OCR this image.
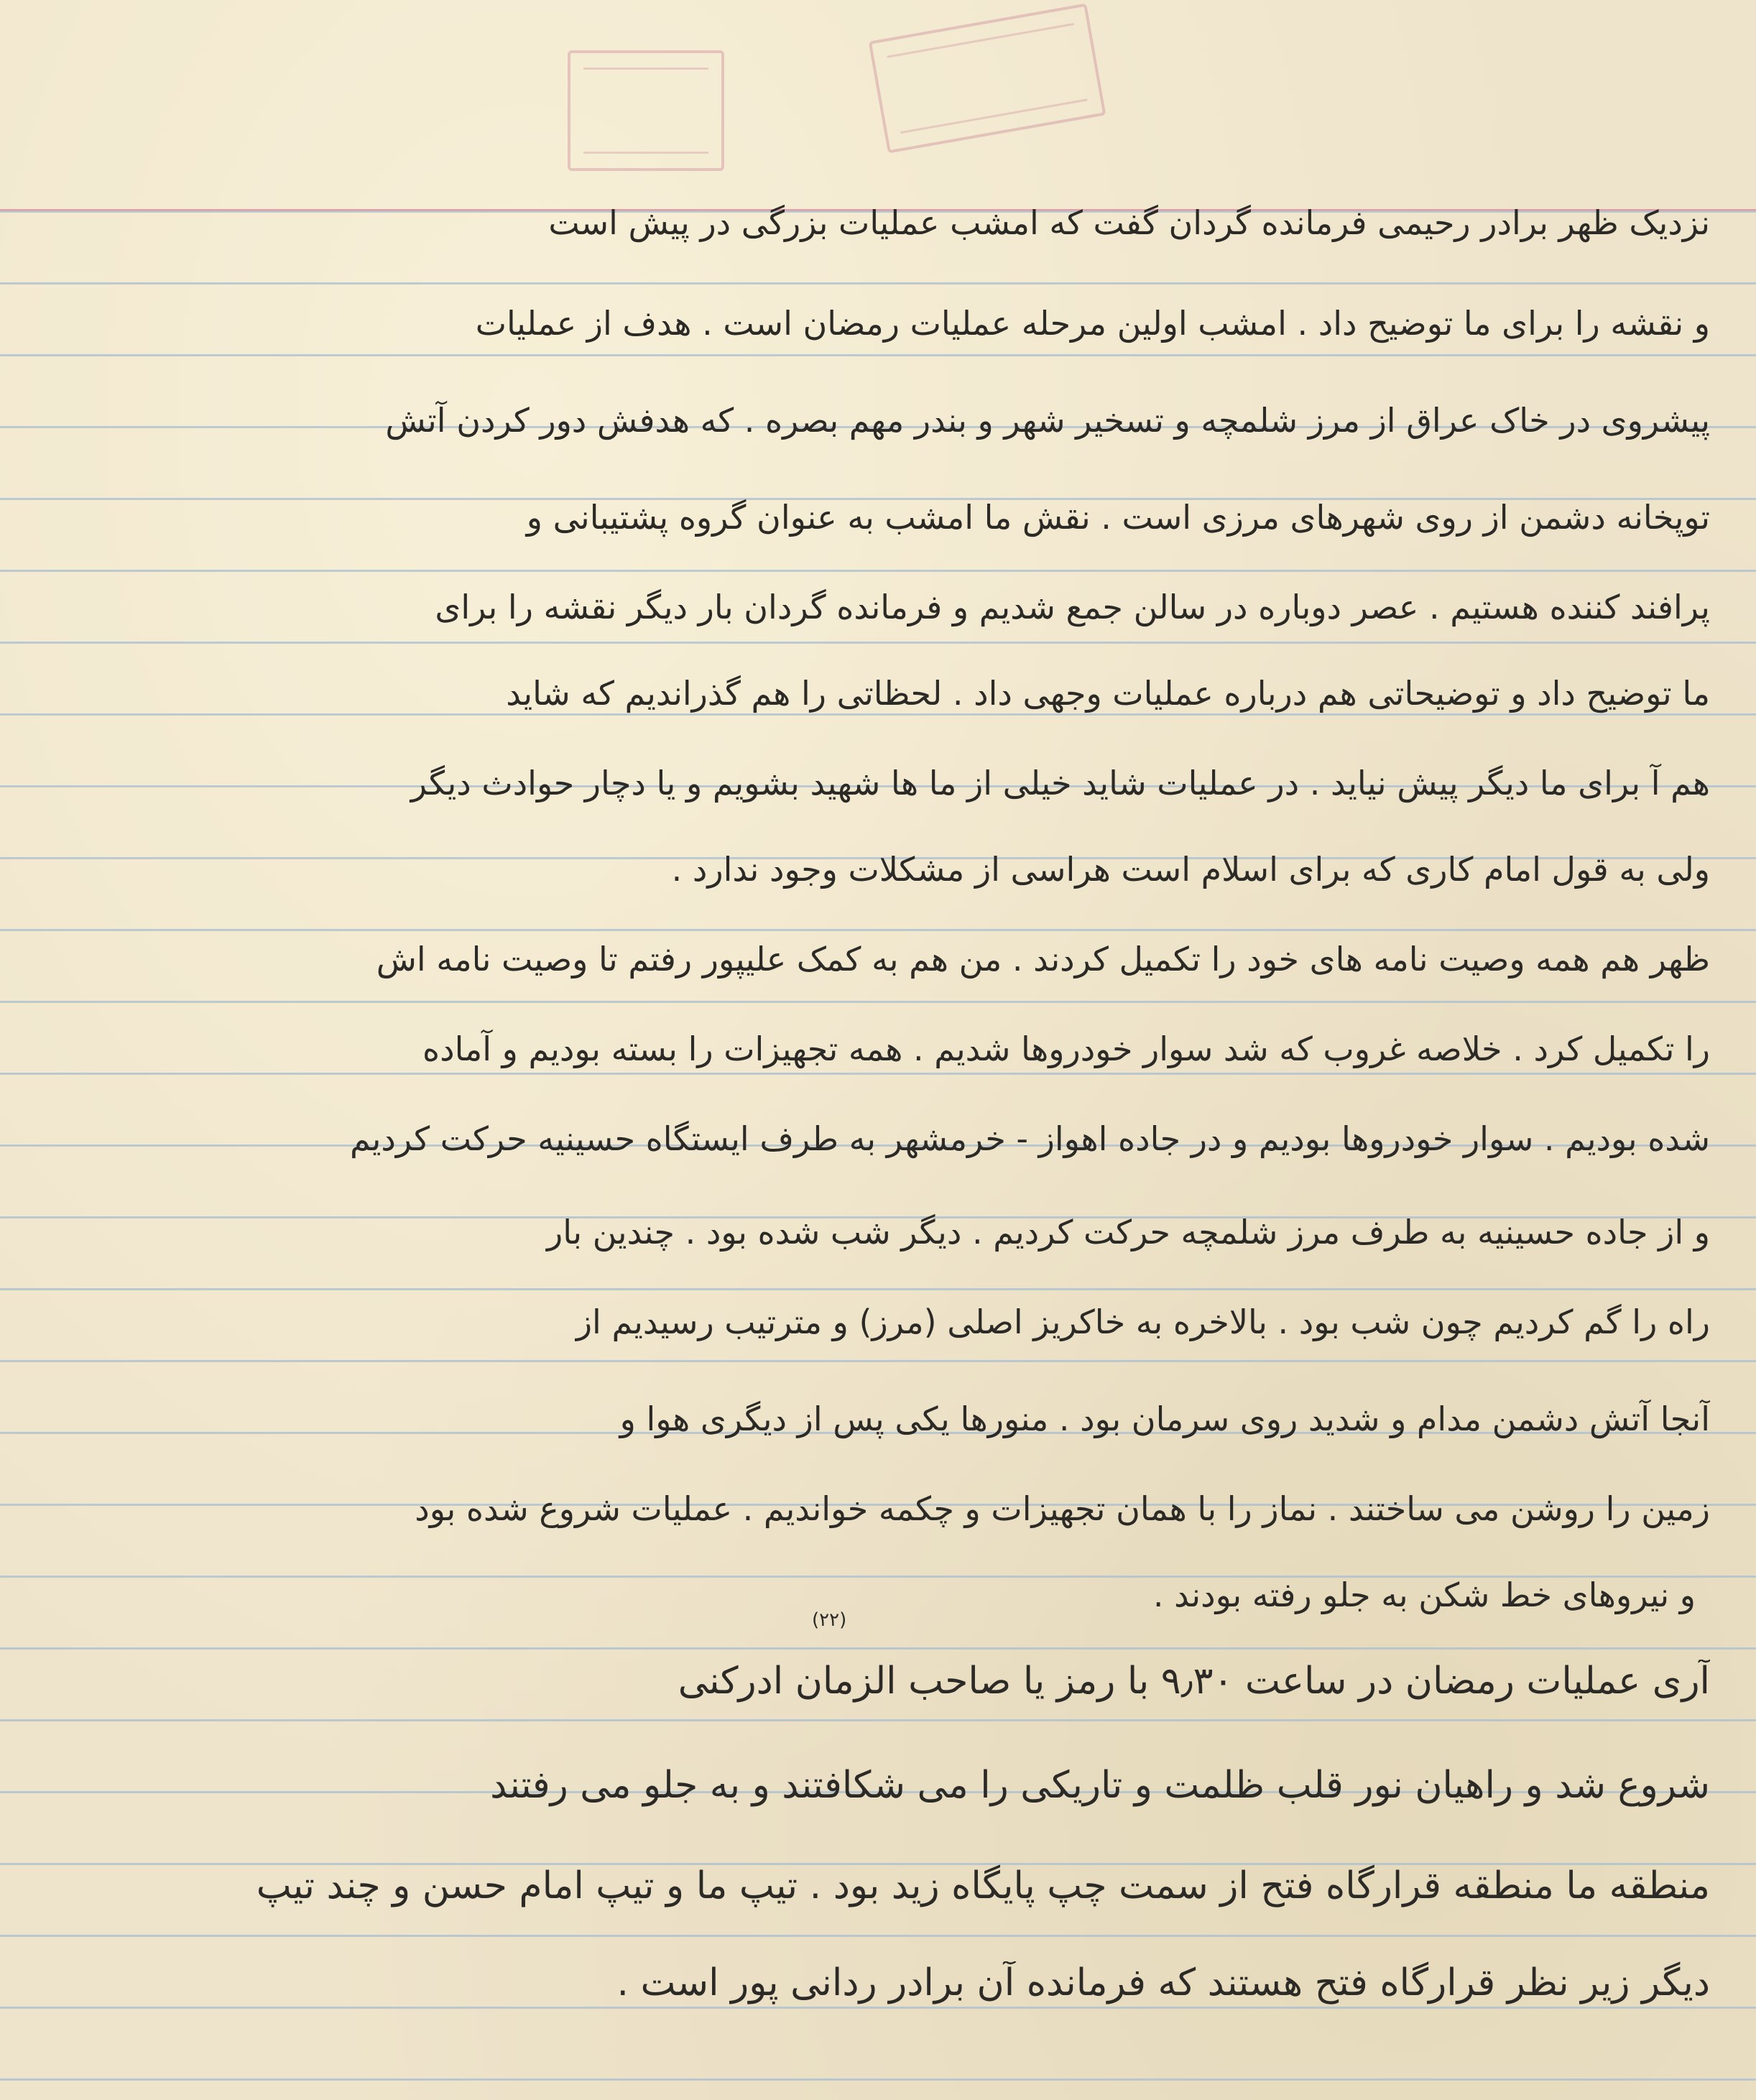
نزدیک ظهر برادر رحیمی فرمانده گردان گفت که امشب عملیات بزرگی در پیش است
و نقشه را برای ما توضیح داد . امشب اولین مرحله عملیات رمضان است . هدف از عملیات
پیشروی در خاک عراق از مرز شلمچه و تسخیر شهر و بندر مهم بصره . که هدفش دور کردن آتش
توپخانه دشمن از روی شهرهای مرزی است . نقش ما امشب به عنوان گروه پشتیبانی و
پرافند کننده هستیم . عصر دوباره در سالن جمع شدیم و فرمانده گردان بار دیگر نقشه را برای
ما توضیح داد و توضیحاتی هم درباره عملیات وجهی داد . لحظاتی را هم گذراندیم که شاید
هم آ برای ما دیگر پیش نیاید . در عملیات شاید خیلی از ما ها شهید بشویم و یا دچار حوادث دیگر
ولی به قول امام کاری که برای اسلام است هراسی از مشکلات وجود ندارد .
ظهر هم همه وصیت نامه های خود را تکمیل کردند . من هم به کمک علیپور رفتم تا وصیت نامه اش
را تکمیل کرد . خلاصه غروب که شد سوار خودروها شدیم . همه تجهیزات را بسته بودیم و آماده
شده بودیم . سوار خودروها بودیم و در جاده اهواز - خرمشهر به طرف ایستگاه حسینیه حرکت کردیم
و از جاده حسینیه به طرف مرز شلمچه حرکت کردیم . دیگر شب شده بود . چندین بار
راه را گم کردیم چون شب بود . بالاخره به خاکریز اصلی (مرز) و مترتیب رسیدیم از
آنجا آتش دشمن مدام و شدید روی سرمان بود . منورها یکی پس از دیگری هوا و
زمین را روشن می ساختند . نماز را با همان تجهیزات و چکمه خواندیم . عملیات شروع شده بود
و نیروهای خط شکن به جلو رفته بودند .
(۲۲)
آری عملیات رمضان در ساعت ۹٫۳۰ با رمز یا صاحب الزمان ادرکنی
شروع شد و راهیان نور قلب ظلمت و تاریکی را می شکافتند و به جلو می رفتند
منطقه ما منطقه قرارگاه فتح از سمت چپ پایگاه زید بود . تیپ ما و تیپ امام حسن و چند تیپ
دیگر زیر نظر قرارگاه فتح هستند که فرمانده آن برادر ردانی پور است .
